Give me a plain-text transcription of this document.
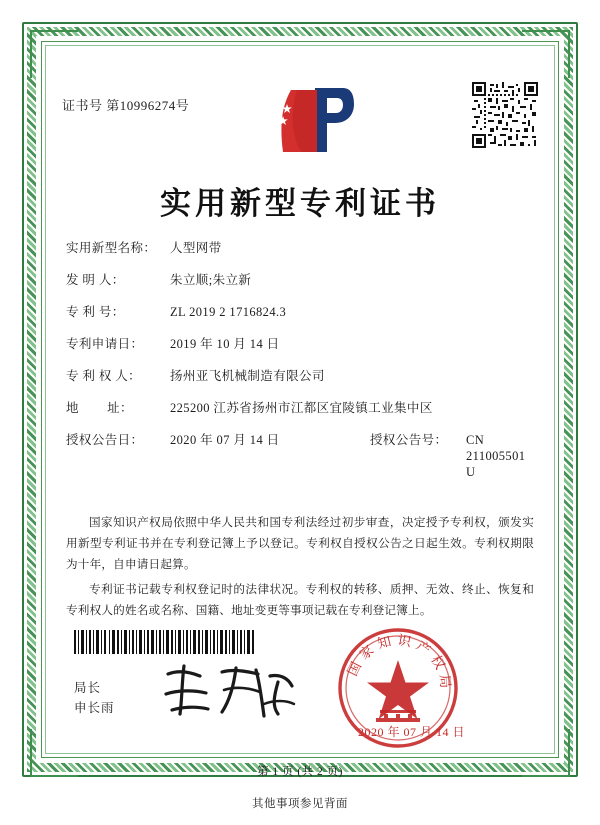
证书号 第10996274号
实用新型专利证书
实用新型名称：	人型网带
发 明 人：	朱立顺;朱立新
专 利 号：	ZL 2019 2 1716824.3
专利申请日：	2019 年 10 月 14 日
专 利 权 人：	扬州亚飞机械制造有限公司
地        址：	225200 江苏省扬州市江都区宜陵镇工业集中区
授权公告日：	2020 年 07 月 14 日	授权公告号：	CN 211005501 U

国家知识产权局依照中华人民共和国专利法经过初步审查，决定授予专利权，颁发实用新型专利证书并在专利登记簿上予以登记。专利权自授权公告之日起生效。专利权期限为十年，自申请日起算。

专利证书记载专利权登记时的法律状况。专利权的转移、质押、无效、终止、恢复和专利权人的姓名或名称、国籍、地址变更等事项记载在专利登记簿上。

局长
申长雨
国家知识产权局
2020 年 07 月 14 日
第 1 页 (共 2 页)
其他事项参见背面
